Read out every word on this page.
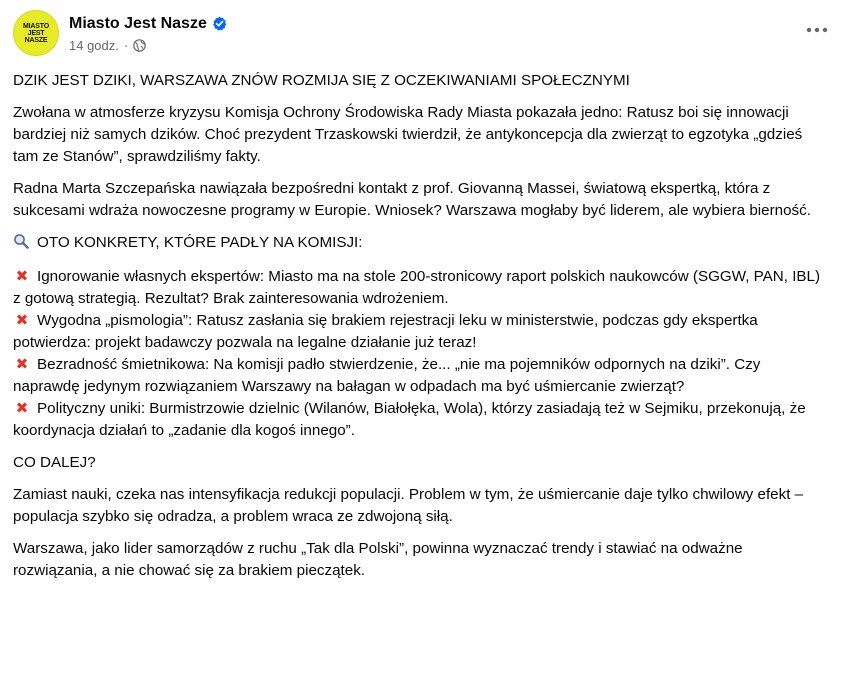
MIASTO JEST NASZE
Miasto Jest Nasze
14 godz. ·

DZIK JEST DZIKI, WARSZAWA ZNÓW ROZMIJA SIĘ Z OCZEKIWANIAMI SPOŁECZNYMI

Zwołana w atmosferze kryzysu Komisja Ochrony Środowiska Rady Miasta pokazała jedno: Ratusz boi się innowacji bardziej niż samych dzików. Choć prezydent Trzaskowski twierdził, że antykoncepcja dla zwierząt to egzotyka „gdzieś tam ze Stanów”, sprawdziliśmy fakty.

Radna Marta Szczepańska nawiązała bezpośredni kontakt z prof. Giovanną Massei, światową ekspertką, która z sukcesami wdraża nowoczesne programy w Europie. Wniosek? Warszawa mogłaby być liderem, ale wybiera bierność.

OTO KONKRETY, KTÓRE PADŁY NA KOMISJI:

✖ Ignorowanie własnych ekspertów: Miasto ma na stole 200-stronicowy raport polskich naukowców (SGGW, PAN, IBL) z gotową strategią. Rezultat? Brak zainteresowania wdrożeniem.
✖ Wygodna „pismologia”: Ratusz zasłania się brakiem rejestracji leku w ministerstwie, podczas gdy ekspertka potwierdza: projekt badawczy pozwala na legalne działanie już teraz!
✖ Bezradność śmietnikowa: Na komisji padło stwierdzenie, że... „nie ma pojemników odpornych na dziki”. Czy naprawdę jedynym rozwiązaniem Warszawy na bałagan w odpadach ma być uśmiercanie zwierząt?
✖ Polityczny uniki: Burmistrzowie dzielnic (Wilanów, Białołęka, Wola), którzy zasiadają też w Sejmiku, przekonują, że koordynacja działań to „zadanie dla kogoś innego”.

CO DALEJ?

Zamiast nauki, czeka nas intensyfikacja redukcji populacji. Problem w tym, że uśmiercanie daje tylko chwilowy efekt – populacja szybko się odradza, a problem wraca ze zdwojoną siłą.

Warszawa, jako lider samorządów z ruchu „Tak dla Polski”, powinna wyznaczać trendy i stawiać na odważne rozwiązania, a nie chować się za brakiem pieczątek.
